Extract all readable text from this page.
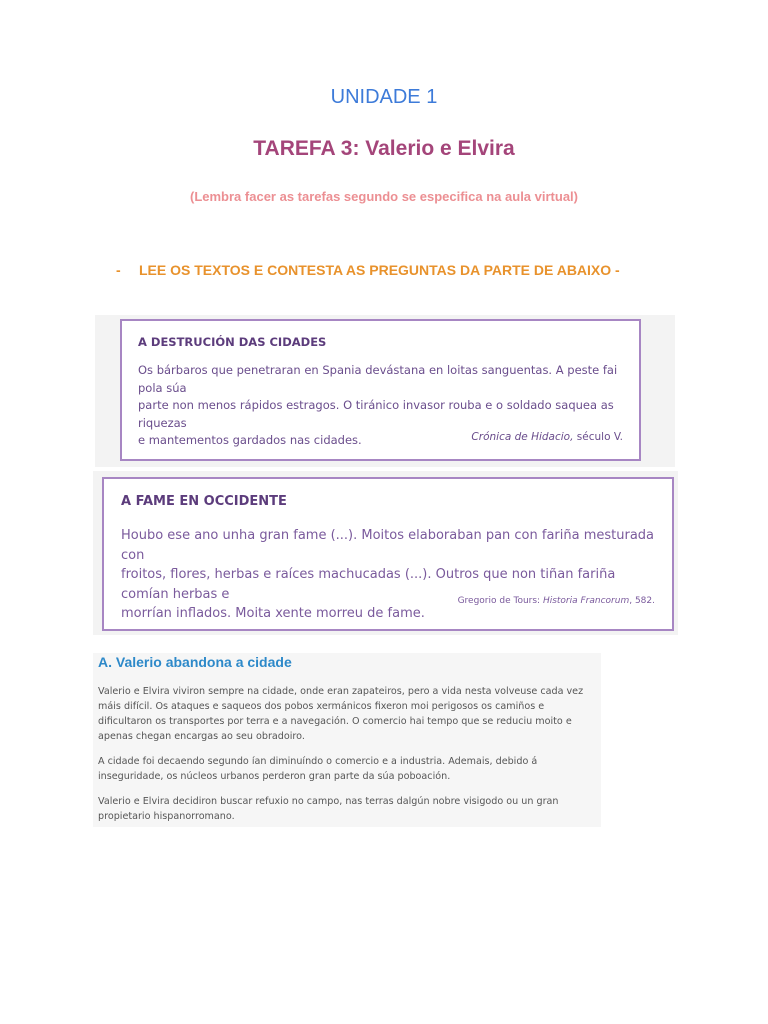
UNIDADE 1
TAREFA 3: Valerio e Elvira
(Lembra facer as tarefas segundo se especifica na aula virtual)
- LEE OS TEXTOS E CONTESTA AS PREGUNTAS DA PARTE DE ABAIXO -
A DESTRUCIÓN DAS CIDADES
Os bárbaros que penetraran en Spania devástana en loitas sanguentas. A peste fai pola súa
parte non menos rápidos estragos. O tiránico invasor rouba e o soldado saquea as riquezas
e mantementos gardados nas cidades.	Crónica de Hidacio, século V.
A FAME EN OCCIDENTE
Houbo ese ano unha gran fame (...). Moitos elaboraban pan con fariña mesturada con
froitos, flores, herbas e raíces machucadas (...). Outros que non tiñan fariña comían herbas e
morrían inflados. Moita xente morreu de fame.
Gregorio de Tours: Historia Francorum, 582.
A. Valerio abandona a cidade

Valerio e Elvira viviron sempre na cidade, onde eran zapateiros, pero a vida nesta volveuse cada vez máis difícil. Os ataques e saqueos dos pobos xermánicos fixeron moi perigosos os camiños e dificultaron os transportes por terra e a navegación. O comercio hai tempo que se reduciu moito e apenas chegan encargas ao seu obradoiro.

A cidade foi decaendo segundo ían diminuíndo o comercio e a industria. Ademais, debido á inseguridade, os núcleos urbanos perderon gran parte da súa poboación.

Valerio e Elvira decidiron buscar refuxio no campo, nas terras dalgún nobre visigodo ou un gran propietario hispanorromano.
